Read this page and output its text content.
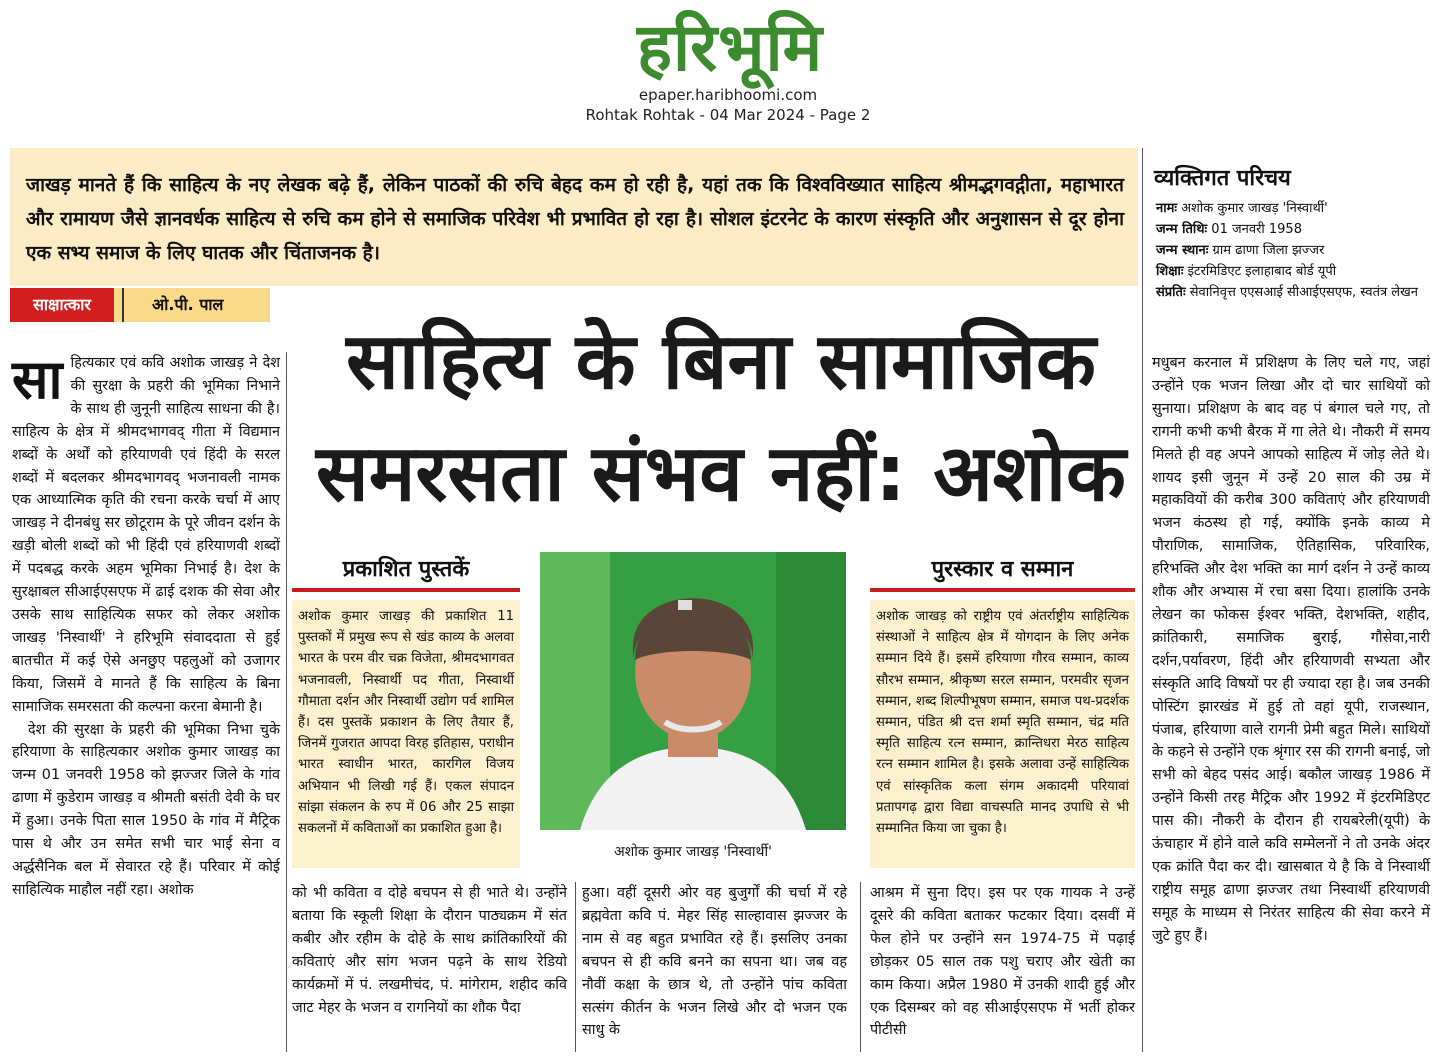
हरिभूमि
epaper.haribhoomi.com
Rohtak Rohtak - 04 Mar 2024 - Page 2
जाखड़ मानते हैं कि साहित्य के नए लेखक बढ़े हैं, लेकिन पाठकों की रुचि बेहद कम हो रही है, यहां तक कि विश्वविख्यात साहित्य श्रीमद्भगवद्गीता, महाभारत और रामायण जैसे ज्ञानवर्धक साहित्य से रुचि कम होने से समाजिक परिवेश भी प्रभावित हो रहा है। सोशल इंटरनेट के कारण संस्कृति और अनुशासन से दूर होना एक सभ्य समाज के लिए घातक और चिंताजनक है।
व्यक्तिगत परिचय
नामः अशोक कुमार जाखड़ 'निस्वार्थी'
जन्म तिथिः 01 जनवरी 1958
जन्म स्थानः ग्राम ढाणा जिला झज्जर
शिक्षाः इंटरमिडिएट इलाहाबाद बोर्ड यूपी
संप्रतिः सेवानिवृत्त एएसआई सीआईएसएफ, स्वतंत्र लेखन
साक्षात्कार	ओ.पी. पाल
साहित्य के बिना सामाजिक समरसता संभव नहीं: अशोक
सा हित्यकार एवं कवि अशोक जाखड़ ने देश की सुरक्षा के प्रहरी की भूमिका निभाने के साथ ही जुनूनी साहित्य साधना की है। साहित्य के क्षेत्र में श्रीमदभागवद् गीता में विद्यमान शब्दों के अर्थों को हरियाणवी एवं हिंदी के सरल शब्दों में बदलकर श्रीमदभागवद् भजनावली नामक एक आध्यात्मिक कृति की रचना करके चर्चा में आए जाखड़ ने दीनबंधु सर छोटूराम के पूरे जीवन दर्शन के खड़ी बोली शब्दों को भी हिंदी एवं हरियाणवी शब्दों में पदबद्ध करके अहम भूमिका निभाई है। देश के सुरक्षाबल सीआईएसएफ में ढाई दशक की सेवा और उसके साथ साहित्यिक सफर को लेकर अशोक जाखड़ 'निस्वार्थी' ने हरिभूमि संवाददाता से हुई बातचीत में कई ऐसे अनछुए पहलुओं को उजागर किया, जिसमें वे मानते हैं कि साहित्य के बिना सामाजिक समरसता की कल्पना करना बेमानी है।
देश की सुरक्षा के प्रहरी की भूमिका निभा चुके हरियाणा के साहित्यकार अशोक कुमार जाखड़ का जन्म 01 जनवरी 1958 को झज्जर जिले के गांव ढाणा में कुडेराम जाखड़ व श्रीमती बसंती देवी के घर में हुआ। उनके पिता साल 1950 के गांव में मैट्रिक पास थे और उन समेत सभी चार भाई सेना व अर्द्धसैनिक बल में सेवारत रहे हैं। परिवार में कोई साहित्यिक माहौल नहीं रहा। अशोक
प्रकाशित पुस्तकें
अशोक कुमार जाखड़ की प्रकाशित 11 पुस्तकों में प्रमुख रूप से खंड काव्य के अलवा भारत के परम वीर चक्र विजेता, श्रीमदभागवत भजनावली, निस्वार्थी पद गीता, निस्वार्थी गौमाता दर्शन और निस्वार्थी उद्योग पर्व शामिल हैं। दस पुस्तकें प्रकाशन के लिए तैयार हैं, जिनमें गुजरात आपदा विरह इतिहास, पराधीन भारत स्वाधीन भारत, कारगिल विजय अभियान भी लिखी गई हैं। एकल संपादन सांझा संकलन के रुप में 06 और 25 साझा सकलनों में कविताओं का प्रकाशित हुआ है।
अशोक कुमार जाखड़ 'निस्वार्थी'
पुरस्कार व सम्मान
अशोक जाखड़ को राष्ट्रीय एवं अंतर्राष्ट्रीय साहित्यिक संस्थाओं ने साहित्य क्षेत्र में योगदान के लिए अनेक सम्मान दिये हैं। इसमें हरियाणा गौरव सम्मान, काव्य सौरभ सम्मान, श्रीकृष्ण सरल सम्मान, परमवीर सृजन सम्मान, शब्द शिल्पीभूषण सम्मान, समाज पथ-प्रदर्शक सम्मान, पंडित श्री दत्त शर्मा स्मृति सम्मान, चंद्र मति स्मृति साहित्य रत्न सम्मान, क्रान्तिधरा मेरठ साहित्य रत्न सम्मान शामिल है। इसके अलावा उन्हें साहित्यिक एवं सांस्कृतिक कला संगम अकादमी परियावां प्रतापगढ़ द्वारा विद्या वाचस्पति मानद उपाधि से भी सम्मानित किया जा चुका है।
को भी कविता व दोहे बचपन से ही भाते थे। उन्होंने बताया कि स्कूली शिक्षा के दौरान पाठ्यक्रम में संत कबीर और रहीम के दोहे के साथ क्रांतिकारियों की कविताएं और सांग भजन पढ़ने के साथ रेडियो कार्यक्रमों में पं. लखमीचंद, पं. मांगेराम, शहीद कवि जाट मेहर के भजन व रागनियों का शौक पैदा
हुआ। वहीं दूसरी ओर वह बुजुर्गों की चर्चा में रहे ब्रह्मवेता कवि पं. मेहर सिंह साल्हावास झज्जर के नाम से वह बहुत प्रभावित रहे हैं। इसलिए उनका बचपन से ही कवि बनने का सपना था। जब वह नौवीं कक्षा के छात्र थे, तो उन्होंने पांच कविता सत्संग कीर्तन के भजन लिखे और दो भजन एक साधु के
आश्रम में सुना दिए। इस पर एक गायक ने उन्हें दूसरे की कविता बताकर फटकार दिया। दसवीं में फेल होने पर उन्होंने सन 1974-75 में पढ़ाई छोड़कर 05 साल तक पशु चराए और खेती का काम किया। अप्रैल 1980 में उनकी शादी हुई और एक दिसम्बर को वह सीआईएसएफ में भर्ती होकर पीटीसी
मधुबन करनाल में प्रशिक्षण के लिए चले गए, जहां उन्होंने एक भजन लिखा और दो चार साथियों को सुनाया। प्रशिक्षण के बाद वह पं बंगाल चले गए, तो रागनी कभी कभी बैरक में गा लेते थे। नौकरी में समय मिलते ही वह अपने आपको साहित्य में जोड़ लेते थे। शायद इसी जुनून में उन्हें 20 साल की उम्र में महाकवियों की करीब 300 कविताएं और हरियाणवी भजन कंठस्थ हो गई, क्योंकि इनके काव्य मे पौराणिक, सामाजिक, ऐतिहासिक, परिवारिक, हरिभक्ति और देश भक्ति का मार्ग दर्शन ने उन्हें काव्य शौक और अभ्यास में रचा बसा दिया। हालांकि उनके लेखन का फोकस ईश्वर भक्ति, देशभक्ति, शहीद, क्रांतिकारी, समाजिक बुराई, गौसेवा,नारी दर्शन,पर्यावरण, हिंदी और हरियाणवी सभ्यता और संस्कृति आदि विषयों पर ही ज्यादा रहा है। जब उनकी पोस्टिंग झारखंड में हुई तो वहां यूपी, राजस्थान, पंजाब, हरियाणा वाले रागनी प्रेमी बहुत मिले। साथियों के कहने से उन्होंने एक श्रृंगार रस की रागनी बनाई, जो सभी को बेहद पसंद आई। बकौल जाखड़ 1986 में उन्होंने किसी तरह मैट्रिक और 1992 में इंटरमिडिएट पास की। नौकरी के दौरान ही रायबरेली(यूपी) के ऊंचाहार में होने वाले कवि सम्मेलनों ने तो उनके अंदर एक क्रांति पैदा कर दी। खासबात ये है कि वे निस्वार्थी राष्ट्रीय समूह ढाणा झज्जर तथा निस्वार्थी हरियाणवी समूह के माध्यम से निरंतर साहित्य की सेवा करने में जुटे हुए हैं।
